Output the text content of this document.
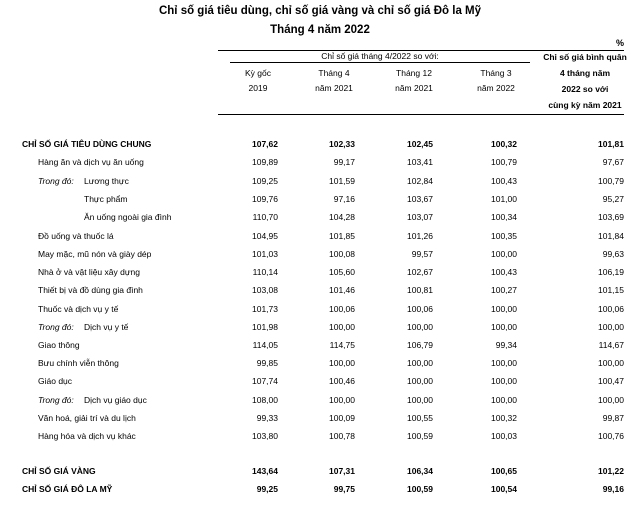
Chỉ số giá tiêu dùng, chỉ số giá vàng và chỉ số giá Đô la Mỹ
Tháng 4 năm 2022
%
Chỉ số giá tháng 4/2022 so với:
Kỳ gốc
2019
Tháng 4
năm 2021
Tháng 12
năm 2021
Tháng 3
năm 2022
Chỉ số giá bình quân
4 tháng năm
2022 so với
cùng kỳ năm 2021
CHỈ SỐ GIÁ TIÊU DÙNG CHUNG	107,62	102,33	102,45	100,32	101,81
Hàng ăn và dịch vụ ăn uống	109,89	99,17	103,41	100,79	97,67
Trong đó: Lương thực	109,25	101,59	102,84	100,43	100,79
Thực phẩm	109,76	97,16	103,67	101,00	95,27
Ăn uống ngoài gia đình	110,70	104,28	103,07	100,34	103,69
Đồ uống và thuốc lá	104,95	101,85	101,26	100,35	101,84
May mặc, mũ nón và giày dép	101,03	100,08	99,57	100,00	99,63
Nhà ở và vật liệu xây dựng	110,14	105,60	102,67	100,43	106,19
Thiết bị và đồ dùng gia đình	103,08	101,46	100,81	100,27	101,15
Thuốc và dịch vụ y tế	101,73	100,06	100,06	100,00	100,06
Trong đó: Dịch vụ y tế	101,98	100,00	100,00	100,00	100,00
Giao thông	114,05	114,75	106,79	99,34	114,67
Bưu chính viễn thông	99,85	100,00	100,00	100,00	100,00
Giáo dục	107,74	100,46	100,00	100,00	100,47
Trong đó: Dịch vụ giáo dục	108,00	100,00	100,00	100,00	100,00
Văn hoá, giải trí và du lịch	99,33	100,09	100,55	100,32	99,87
Hàng hóa và dịch vụ khác	103,80	100,78	100,59	100,03	100,76
CHỈ SỐ GIÁ VÀNG	143,64	107,31	106,34	100,65	101,22
CHỈ SỐ GIÁ ĐÔ LA MỸ	99,25	99,75	100,59	100,54	99,16
